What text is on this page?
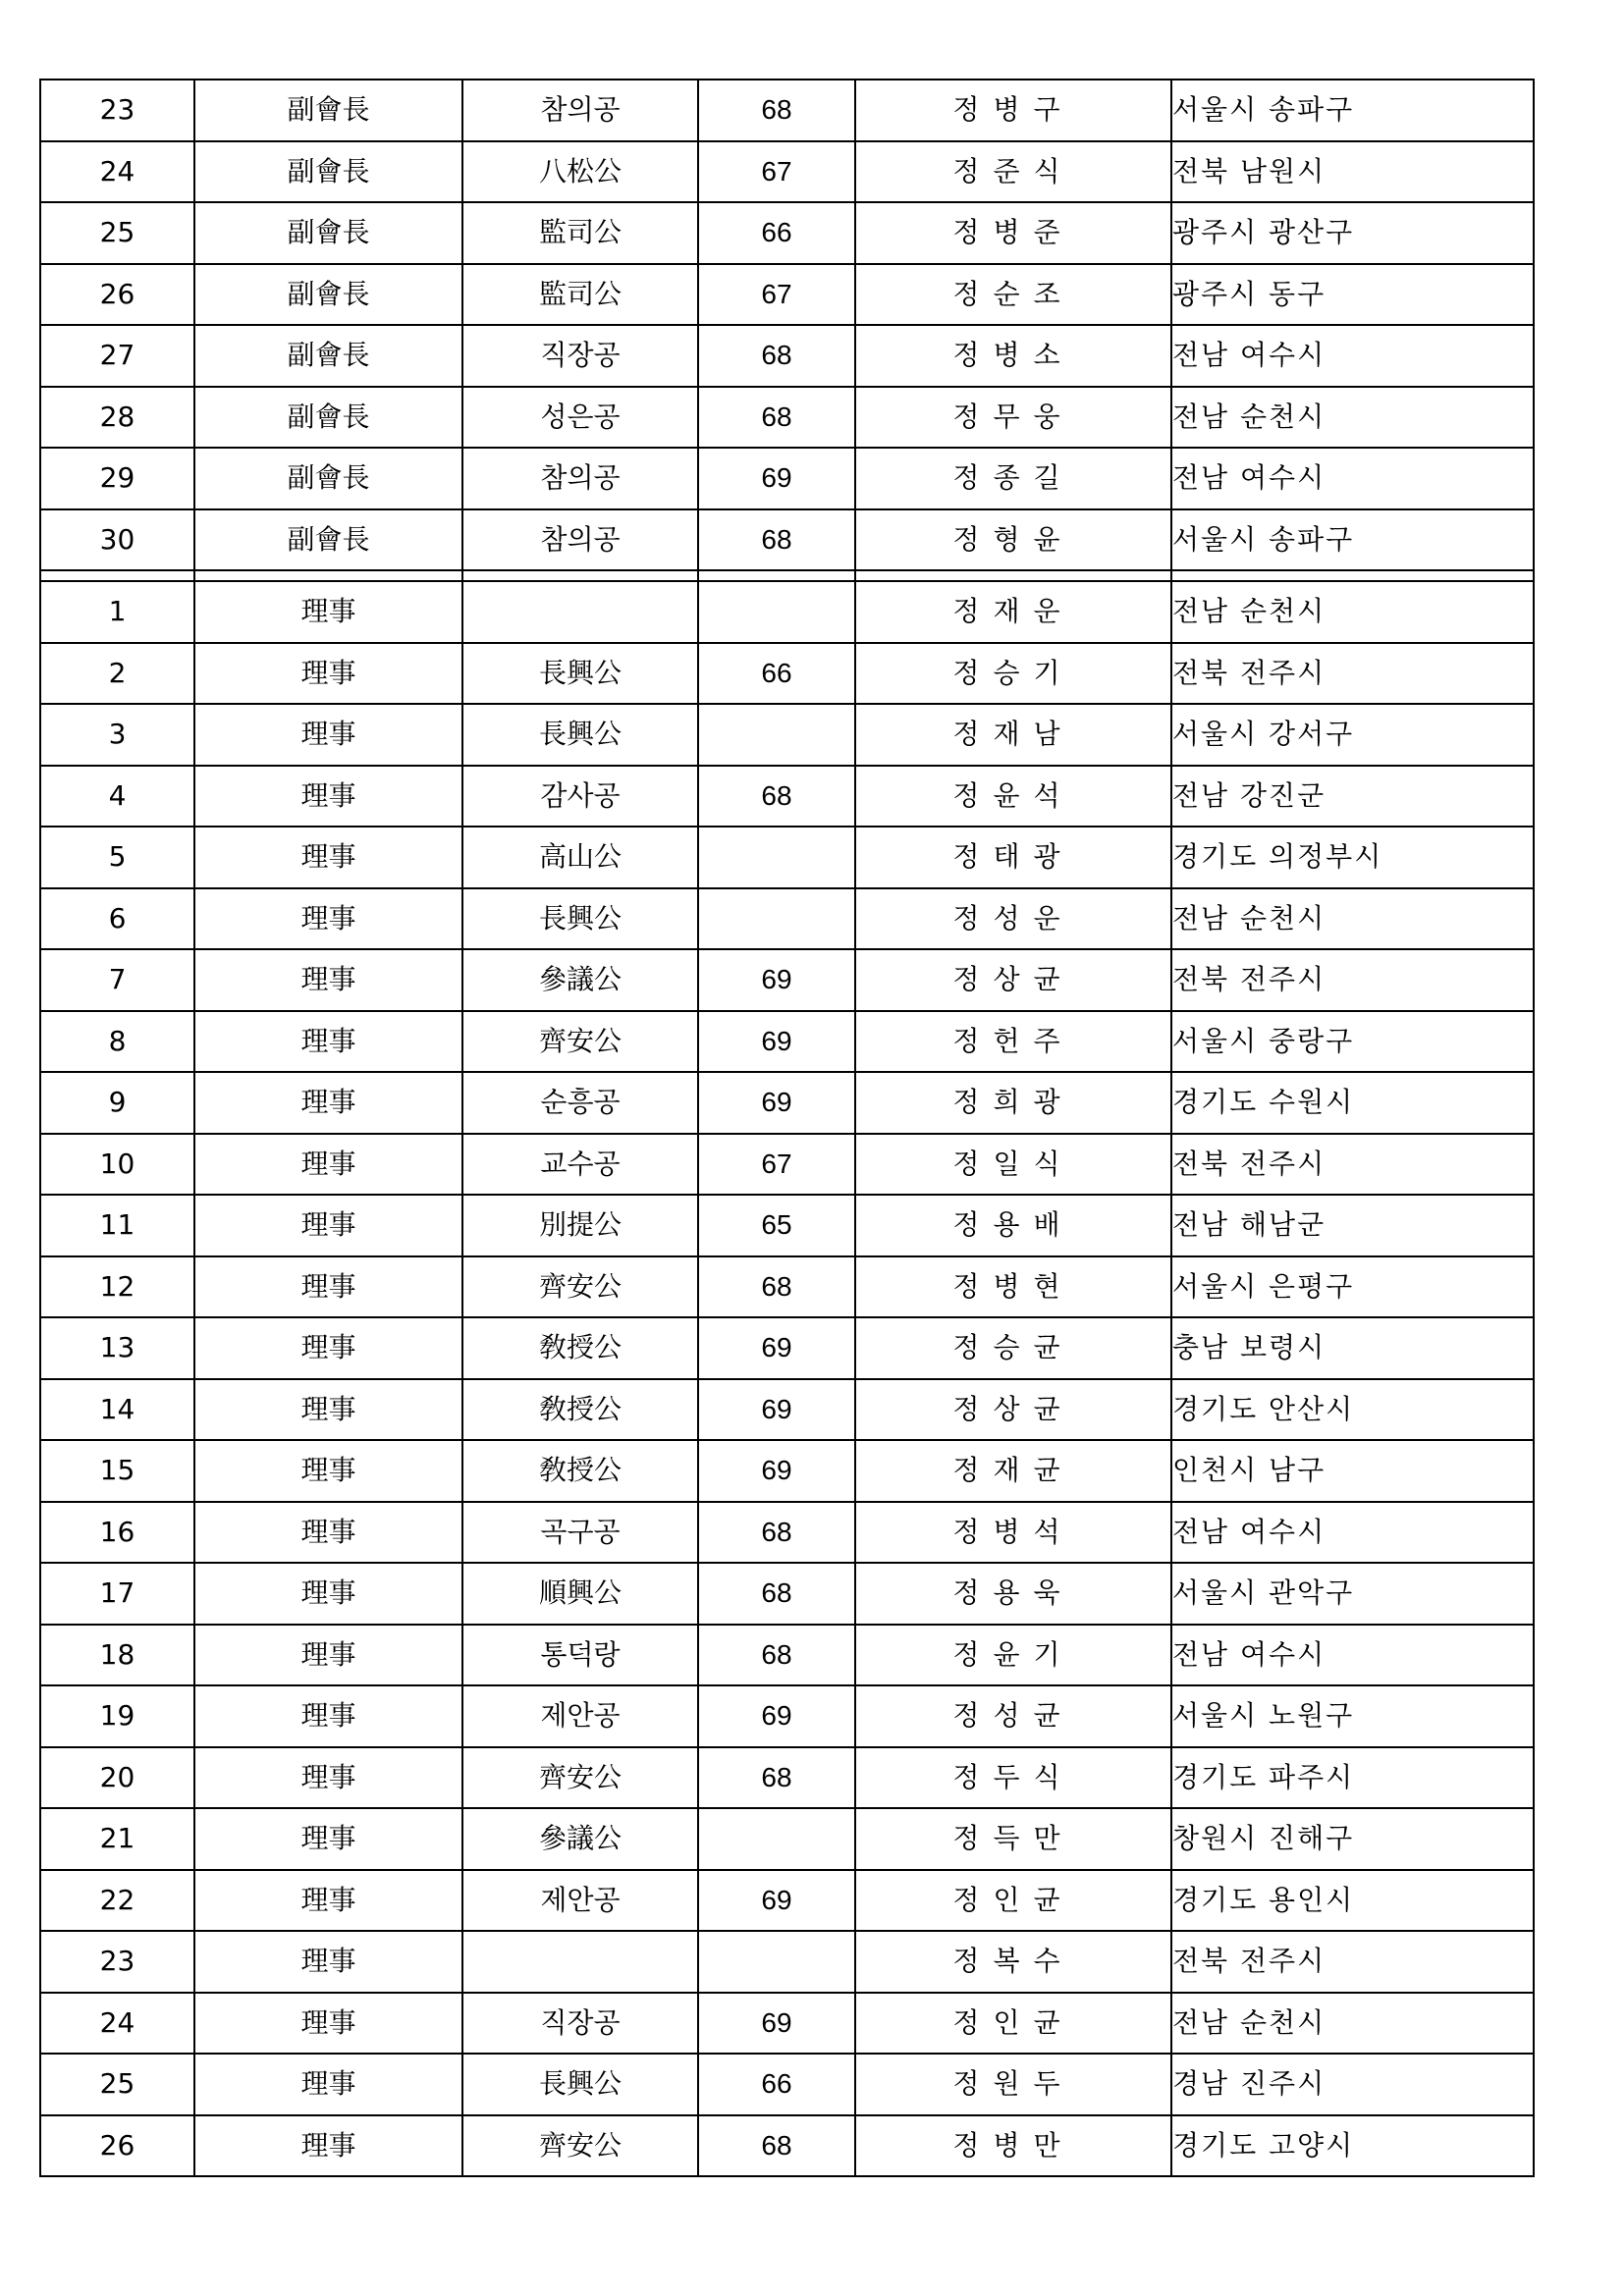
23	副會長	참의공	68	정병구	서울시 송파구
24	副會長	八松公	67	정준식	전북 남원시
25	副會長	監司公	66	정병준	광주시 광산구
26	副會長	監司公	67	정순조	광주시 동구
27	副會長	직장공	68	정병소	전남 여수시
28	副會長	성은공	68	정무웅	전남 순천시
29	副會長	참의공	69	정종길	전남 여수시
30	副會長	참의공	68	정형윤	서울시 송파구

1	理事			정재운	전남 순천시
2	理事	長興公	66	정승기	전북 전주시
3	理事	長興公		정재남	서울시 강서구
4	理事	감사공	68	정윤석	전남 강진군
5	理事	高山公		정태광	경기도 의정부시
6	理事	長興公		정성운	전남 순천시
7	理事	參議公	69	정상균	전북 전주시
8	理事	齊安公	69	정헌주	서울시 중랑구
9	理事	순흥공	69	정희광	경기도 수원시
10	理事	교수공	67	정일식	전북 전주시
11	理事	別提公	65	정용배	전남 해남군
12	理事	齊安公	68	정병현	서울시 은평구
13	理事	敎授公	69	정승균	충남 보령시
14	理事	敎授公	69	정상균	경기도 안산시
15	理事	敎授公	69	정재균	인천시 남구
16	理事	곡구공	68	정병석	전남 여수시
17	理事	順興公	68	정용욱	서울시 관악구
18	理事	통덕랑	68	정윤기	전남 여수시
19	理事	제안공	69	정성균	서울시 노원구
20	理事	齊安公	68	정두식	경기도 파주시
21	理事	參議公		정득만	창원시 진해구
22	理事	제안공	69	정인균	경기도 용인시
23	理事			정복수	전북 전주시
24	理事	직장공	69	정인균	전남 순천시
25	理事	長興公	66	정원두	경남 진주시
26	理事	齊安公	68	정병만	경기도 고양시
